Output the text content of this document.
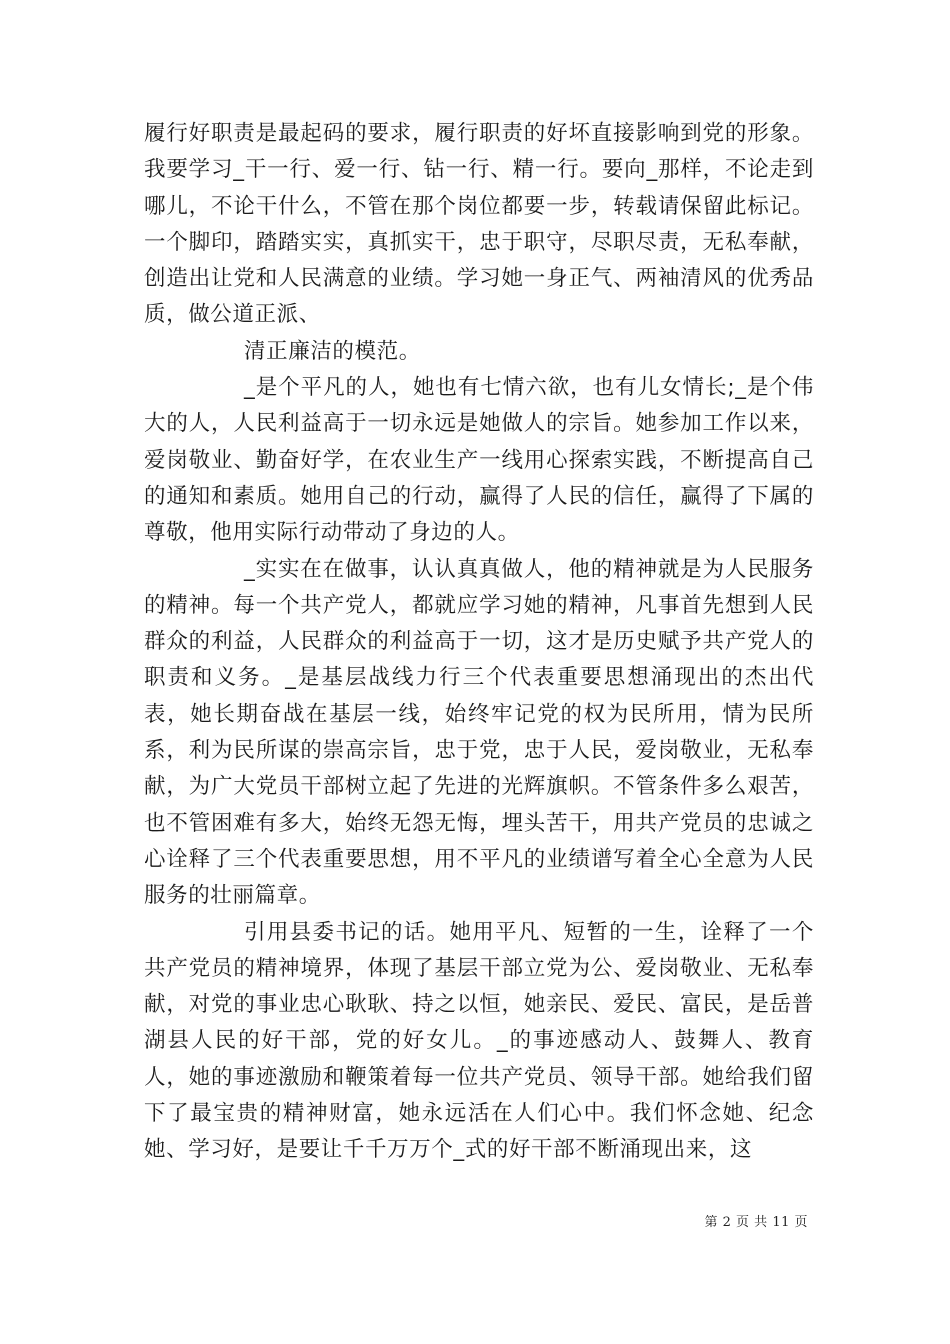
履行好职责是最起码的要求，履行职责的好坏直接影响到党的形象。我要学习_干一行、爱一行、钻一行、精一行。要向_那样，不论走到哪儿，不论干什么，不管在那个岗位都要一步，转载请保留此标记。一个脚印，踏踏实实，真抓实干，忠于职守，尽职尽责，无私奉献，创造出让党和人民满意的业绩。学习她一身正气、两袖清风的优秀品质，做公道正派、

清正廉洁的模范。

_是个平凡的人，她也有七情六欲，也有儿女情长;_是个伟大的人，人民利益高于一切永远是她做人的宗旨。她参加工作以来，爱岗敬业、勤奋好学，在农业生产一线用心探索实践，不断提高自己的通知和素质。她用自己的行动，赢得了人民的信任，赢得了下属的尊敬，他用实际行动带动了身边的人。

_实实在在做事，认认真真做人，他的精神就是为人民服务的精神。每一个共产党人，都就应学习她的精神，凡事首先想到人民群众的利益，人民群众的利益高于一切，这才是历史赋予共产党人的职责和义务。_是基层战线力行三个代表重要思想涌现出的杰出代表，她长期奋战在基层一线，始终牢记党的权为民所用，情为民所系，利为民所谋的崇高宗旨，忠于党，忠于人民，爱岗敬业，无私奉献，为广大党员干部树立起了先进的光辉旗帜。不管条件多么艰苦，也不管困难有多大，始终无怨无悔，埋头苦干，用共产党员的忠诚之心诠释了三个代表重要思想，用不平凡的业绩谱写着全心全意为人民服务的壮丽篇章。

引用县委书记的话。她用平凡、短暂的一生，诠释了一个共产党员的精神境界，体现了基层干部立党为公、爱岗敬业、无私奉献，对党的事业忠心耿耿、持之以恒，她亲民、爱民、富民，是岳普湖县人民的好干部，党的好女儿。_的事迹感动人、鼓舞人、教育人，她的事迹激励和鞭策着每一位共产党员、领导干部。她给我们留下了最宝贵的精神财富，她永远活在人们心中。我们怀念她、纪念她、学习好，是要让千千万万个_式的好干部不断涌现出来，这

第 2 页 共 11 页
